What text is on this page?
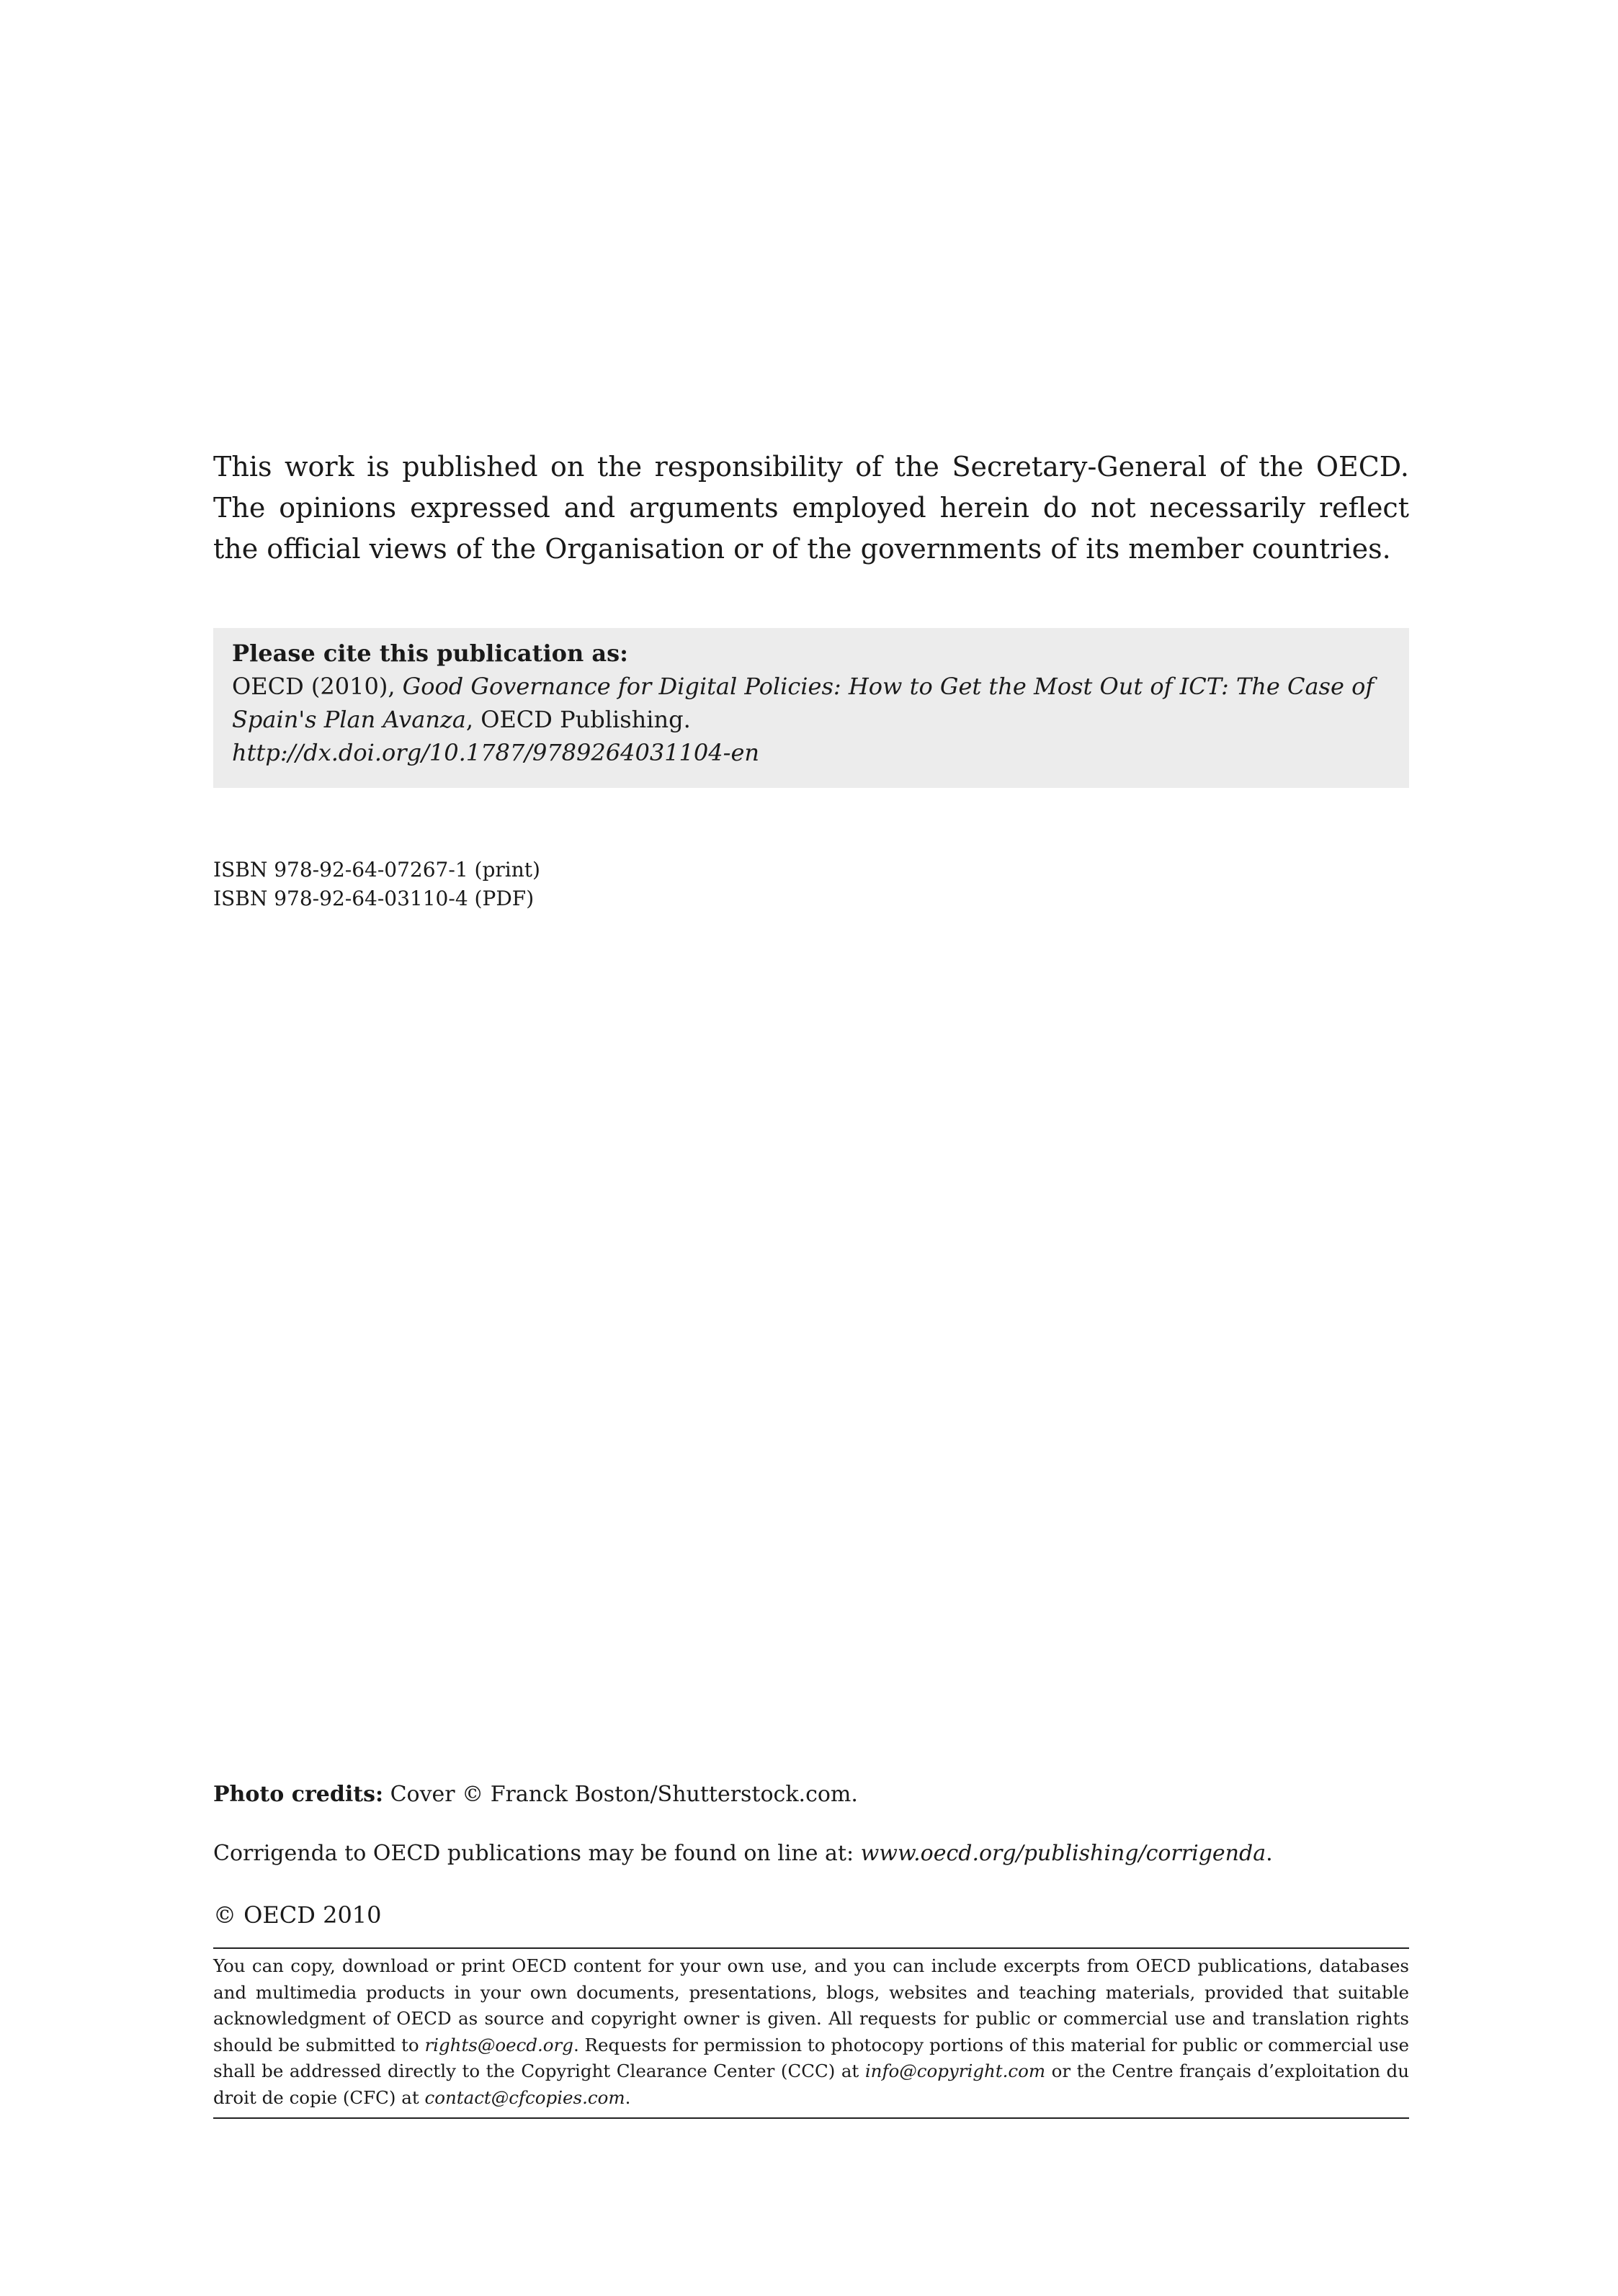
This work is published on the responsibility of the Secretary-General of the OECD. The opinions expressed and arguments employed herein do not necessarily reflect the official views of the Organisation or of the governments of its member countries.

Please cite this publication as:
OECD (2010), Good Governance for Digital Policies: How to Get the Most Out of ICT: The Case of Spain's Plan Avanza, OECD Publishing.
http://dx.doi.org/10.1787/9789264031104-en
ISBN 978-92-64-07267-1 (print)
ISBN 978-92-64-03110-4 (PDF)
Photo credits: Cover © Franck Boston/Shutterstock.com.
Corrigenda to OECD publications may be found on line at: www.oecd.org/publishing/corrigenda.
© OECD 2010

You can copy, download or print OECD content for your own use, and you can include excerpts from OECD publications, databases and multimedia products in your own documents, presentations, blogs, websites and teaching materials, provided that suitable acknowledgment of OECD as source and copyright owner is given. All requests for public or commercial use and translation rights should be submitted to rights@oecd.org. Requests for permission to photocopy portions of this material for public or commercial use shall be addressed directly to the Copyright Clearance Center (CCC) at info@copyright.com or the Centre français d’exploitation du droit de copie (CFC) at contact@cfcopies.com.
